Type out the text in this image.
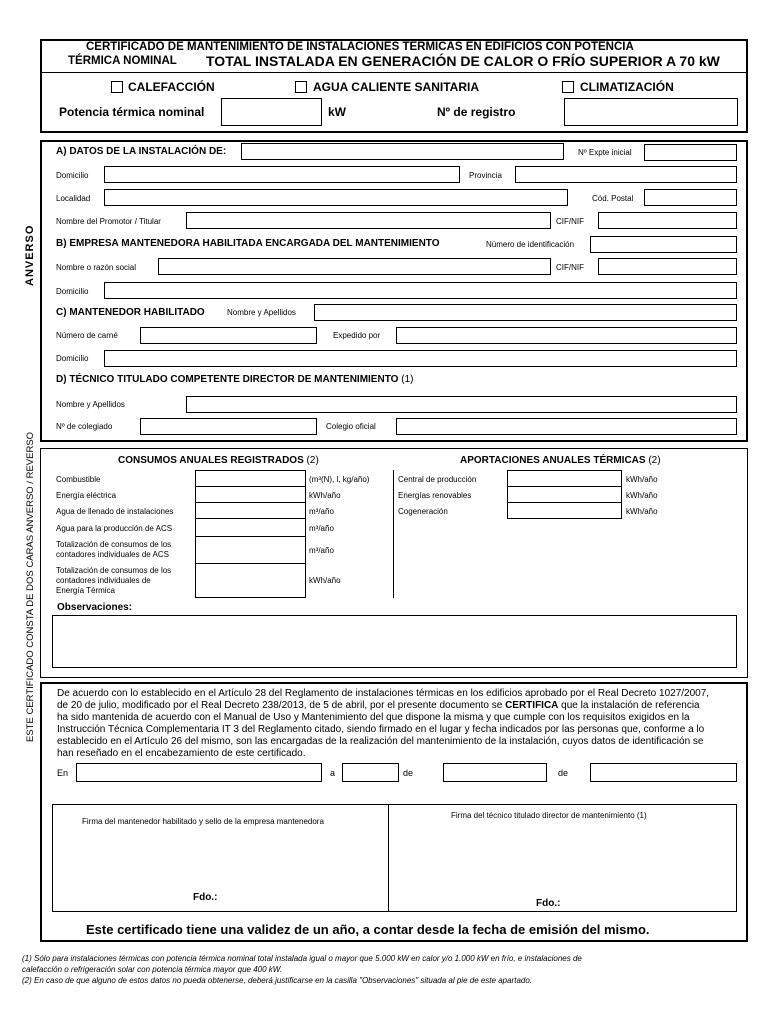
CERTIFICADO DE MANTENIMIENTO DE INSTALACIONES TÉRMICAS EN EDIFICIOS CON POTENCIA
TÉRMICA NOMINAL TOTAL INSTALADA EN GENERACIÓN DE CALOR O FRÍO SUPERIOR A 70 kW
CALEFACCIÓN	AGUA CALIENTE SANITARIA	CLIMATIZACIÓN
Potencia térmica nominal	kW	Nº de registro
ANVERSO
ESTE CERTIFICADO CONSTA DE DOS CARAS ANVERSO / REVERSO
A) DATOS DE LA INSTALACIÓN DE:	Nº Expte inicial
Domicilio	Provincia
Localidad	Cód. Postal
Nombre del Promotor / Titular	CIF/NIF
B) EMPRESA MANTENEDORA HABILITADA ENCARGADA DEL MANTENIMIENTO	Número de identificación
Nombre o razón social	CIF/NIF
Domicilio
C) MANTENEDOR HABILITADO	Nombre y Apellidos
Número de carné	Expedido por
Domicilio
D) TÉCNICO TITULADO COMPETENTE DIRECTOR DE MANTENIMIENTO (1)
Nombre y Apellidos
Nº de colegiado	Colegio oficial
CONSUMOS ANUALES REGISTRADOS (2)	APORTACIONES ANUALES TÉRMICAS (2)
Combustible	(m³(N), l, kg/año)
Energía eléctrica	kWh/año
Agua de llenado de instalaciones	m³/año
Agua para la producción de ACS	m³/año
Totalización de consumos de los
contadores individuales de ACS	m³/año
Totalización de consumos de los
contadores individuales de
Energía Térmica
kWh/año
Central de producción	kWh/año
Energías renovables	kWh/año
Cogeneración	kWh/año
Observaciones:
De acuerdo con lo establecido en el Artículo 28 del Reglamento de instalaciones térmicas en los edificios aprobado por el Real Decreto 1027/2007,
de 20 de julio, modificado por el Real Decreto 238/2013, de 5 de abril, por el presente documento se CERTIFICA que la instalación de referencia
ha sido mantenida de acuerdo con el Manual de Uso y Mantenimiento del que dispone la misma y que cumple con los requisitos exigidos en la
Instrucción Técnica Complementaria IT 3 del Reglamento citado, siendo firmado en el lugar y fecha indicados por las personas que, conforme a lo
establecido en el Artículo 26 del mismo, son las encargadas de la realización del mantenimiento de la instalación, cuyos datos de identificación se
han reseñado en el encabezamiento de este certificado.
En	a	de	de
Firma del mantenedor habilitado y sello de la empresa mantenedora
Firma del técnico titulado director de mantenimiento (1)
Fdo.:
Fdo.:
Este certificado tiene una validez de un año, a contar desde la fecha de emisión del mismo.
(1) Sólo para instalaciones térmicas con potencia térmica nominal total instalada igual o mayor que 5.000 kW en calor y/o 1.000 kW en frío, e instalaciones de
calefacción o refrigeración solar con potencia térmica mayor que 400 kW.
(2) En caso de que alguno de estos datos no pueda obtenerse, deberá justificarse en la casilla "Observaciones" situada al pie de este apartado.
